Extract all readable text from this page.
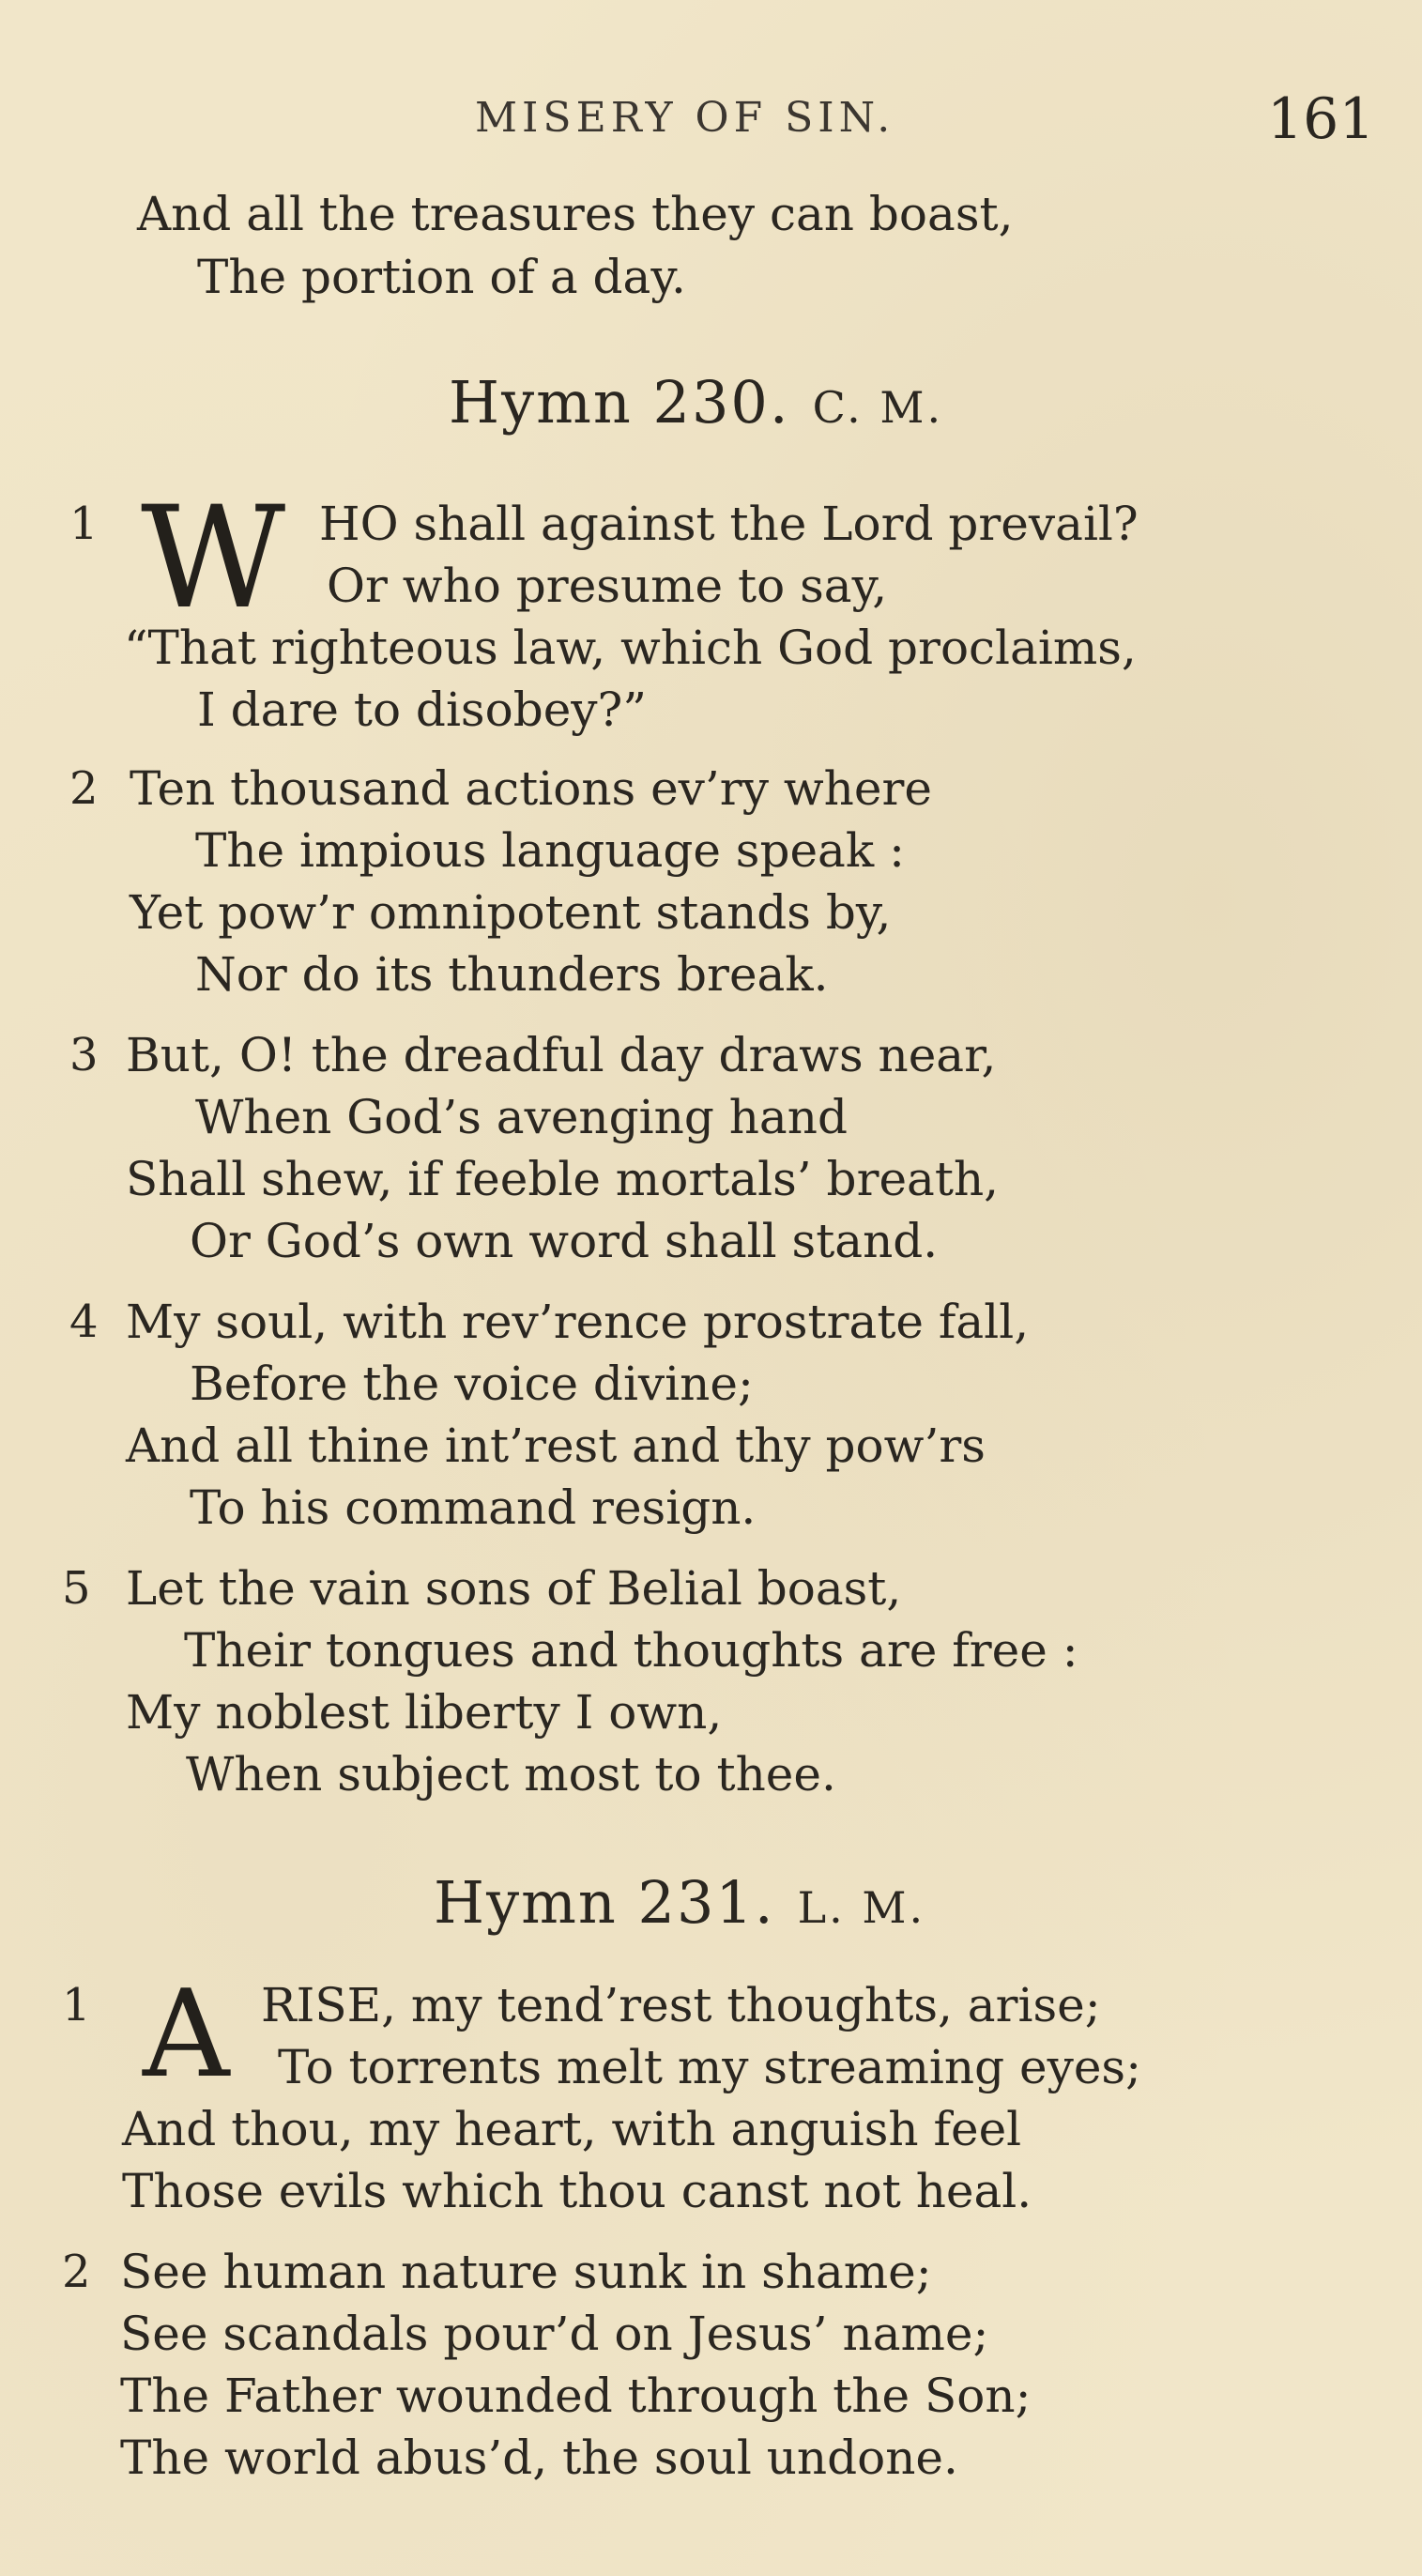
MISERY OF SIN.	161
And all the treasures they can boast,
The portion of a day.
Hymn 230. C. M.
1 W HO shall against the Lord prevail?
Or who presume to say,
“That righteous law, which God proclaims,
I dare to disobey?”
2 Ten thousand actions ev’ry where
The impious language speak :
Yet pow’r omnipotent stands by,
Nor do its thunders break.
3 But, O! the dreadful day draws near,
When God’s avenging hand
Shall shew, if feeble mortals’ breath,
Or God’s own word shall stand.
4 My soul, with rev’rence prostrate fall,
Before the voice divine;
And all thine int’rest and thy pow’rs
To his command resign.
5 Let the vain sons of Belial boast,
Their tongues and thoughts are free :
My noblest liberty I own,
When subject most to thee.
Hymn 231. L. M.
1 A RISE, my tend’rest thoughts, arise;
To torrents melt my streaming eyes;
And thou, my heart, with anguish feel
Those evils which thou canst not heal.
2 See human nature sunk in shame;
See scandals pour’d on Jesus’ name;
The Father wounded through the Son;
The world abus’d, the soul undone.
